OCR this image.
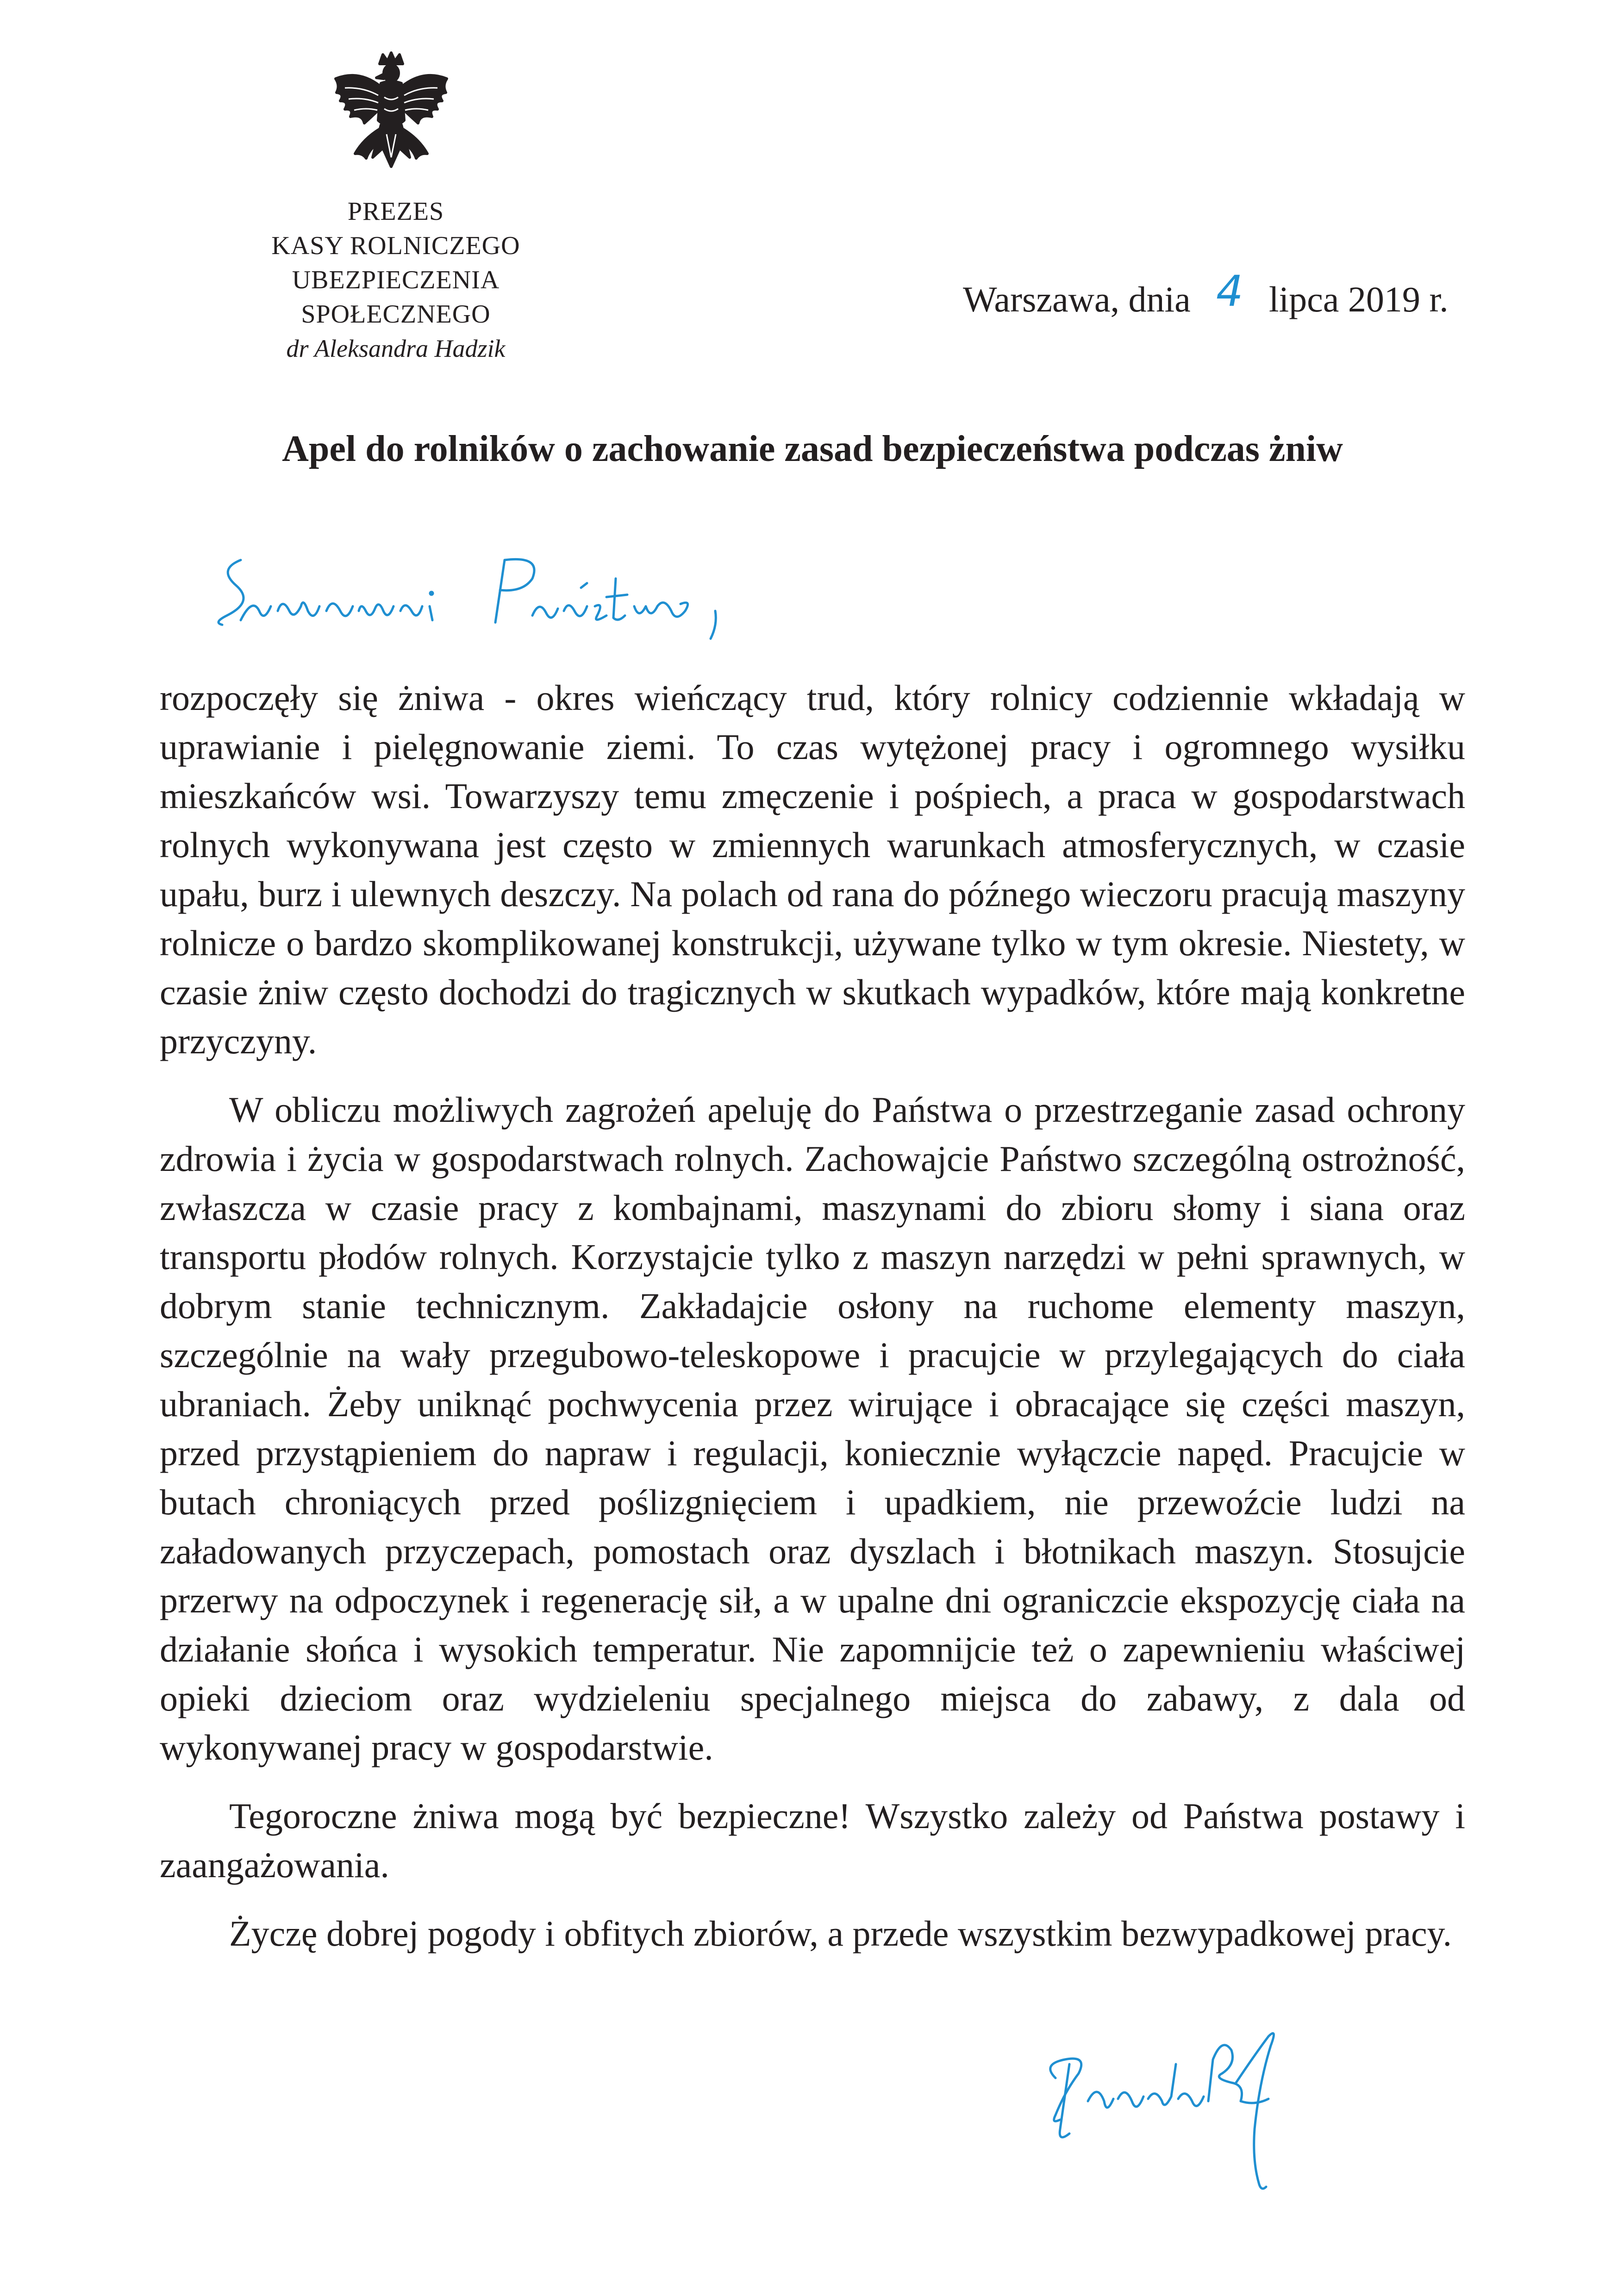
PREZES
KASY ROLNICZEGO
UBEZPIECZENIA SPOŁECZNEGO
dr Aleksandra Hadzik
Warszawa, dnia 4 lipca 2019 r.
Apel do rolników o zachowanie zasad bezpieczeństwa podczas żniw

rozpoczęły się żniwa - okres wieńczący trud, który rolnicy codziennie wkładają w uprawianie i pielęgnowanie ziemi. To czas wytężonej pracy i ogromnego wysiłku mieszkańców wsi. Towarzyszy temu zmęczenie i pośpiech, a praca w gospodarstwach rolnych wykonywana jest często w zmiennych warunkach atmosferycznych, w czasie upału, burz i ulewnych deszczy. Na polach od rana do późnego wieczoru pracują maszyny rolnicze o bardzo skomplikowanej konstrukcji, używane tylko w tym okresie. Niestety, w czasie żniw często dochodzi do tragicznych w skutkach wypadków, które mają konkretne przyczyny.

W obliczu możliwych zagrożeń apeluję do Państwa o przestrzeganie zasad ochrony zdrowia i życia w gospodarstwach rolnych. Zachowajcie Państwo szczególną ostrożność, zwłaszcza w czasie pracy z kombajnami, maszynami do zbioru słomy i siana oraz transportu płodów rolnych. Korzystajcie tylko z maszyn narzędzi w pełni sprawnych, w dobrym stanie technicznym. Zakładajcie osłony na ruchome elementy maszyn, szczególnie na wały przegubowo-teleskopowe i pracujcie w przylegających do ciała ubraniach. Żeby uniknąć pochwycenia przez wirujące i obracające się części maszyn, przed przystąpieniem do napraw i regulacji, koniecznie wyłączcie napęd. Pracujcie w butach chroniących przed poślizgnięciem i upadkiem, nie przewoźcie ludzi na załadowanych przyczepach, pomostach oraz dyszlach i błotnikach maszyn. Stosujcie przerwy na odpoczynek i regenerację sił, a w upalne dni ograniczcie ekspozycję ciała na działanie słońca i wysokich temperatur. Nie zapomnijcie też o zapewnieniu właściwej opieki dzieciom oraz wydzieleniu specjalnego miejsca do zabawy, z dala od wykonywanej pracy w gospodarstwie.

Tegoroczne żniwa mogą być bezpieczne! Wszystko zależy od Państwa postawy i zaangażowania.

Życzę dobrej pogody i obfitych zbiorów, a przede wszystkim bezwypadkowej pracy.
